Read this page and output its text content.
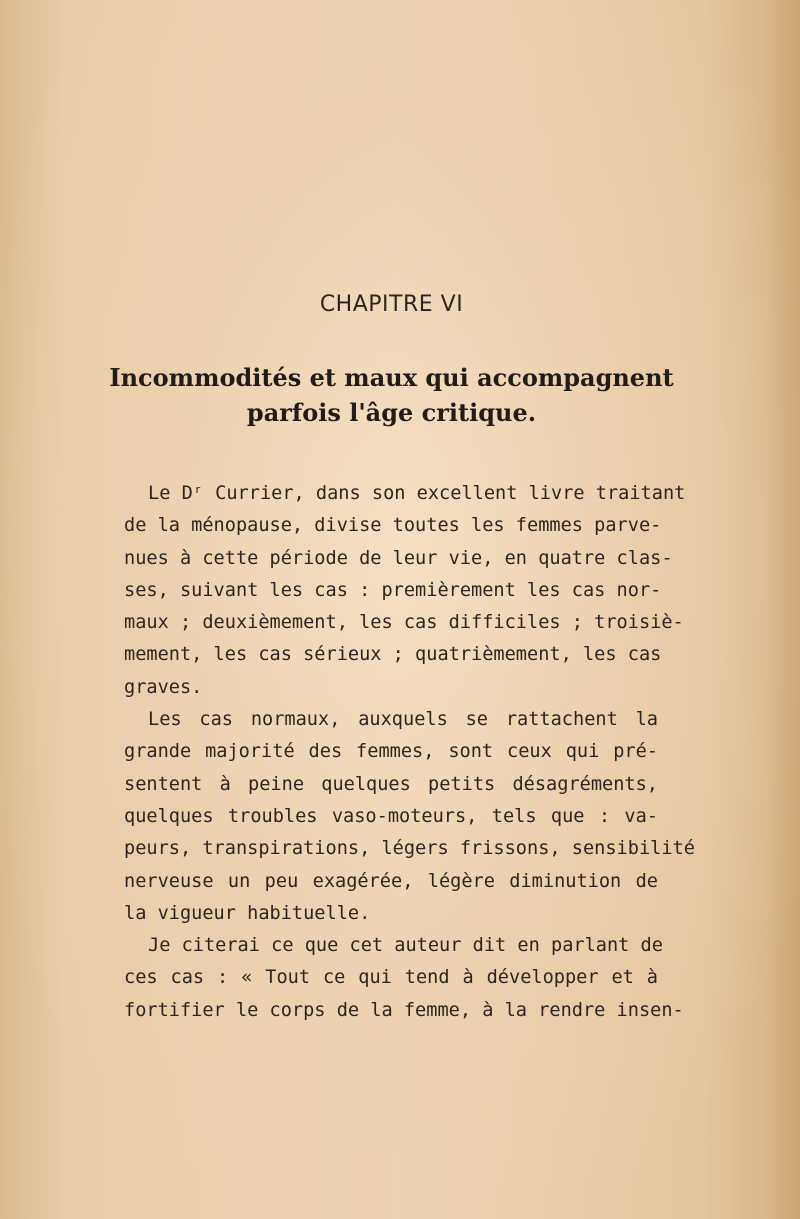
CHAPITRE VI
Incommodités et maux qui accompagnent
parfois l'âge critique.
Le Dʳ Currier, dans son excellent livre traitant
de la ménopause, divise toutes les femmes parve-
nues à cette période de leur vie, en quatre clas-
ses, suivant les cas : premièrement les cas nor-
maux ; deuxièmement, les cas difficiles ; troisiè-
mement, les cas sérieux ; quatrièmement, les cas
graves.
Les cas normaux, auxquels se rattachent la
grande majorité des femmes, sont ceux qui pré-
sentent à peine quelques petits désagréments,
quelques troubles vaso-moteurs, tels que : va-
peurs, transpirations, légers frissons, sensibilité
nerveuse un peu exagérée, légère diminution de
la vigueur habituelle.
Je citerai ce que cet auteur dit en parlant de
ces cas : « Tout ce qui tend à développer et à
fortifier le corps de la femme, à la rendre insen-
